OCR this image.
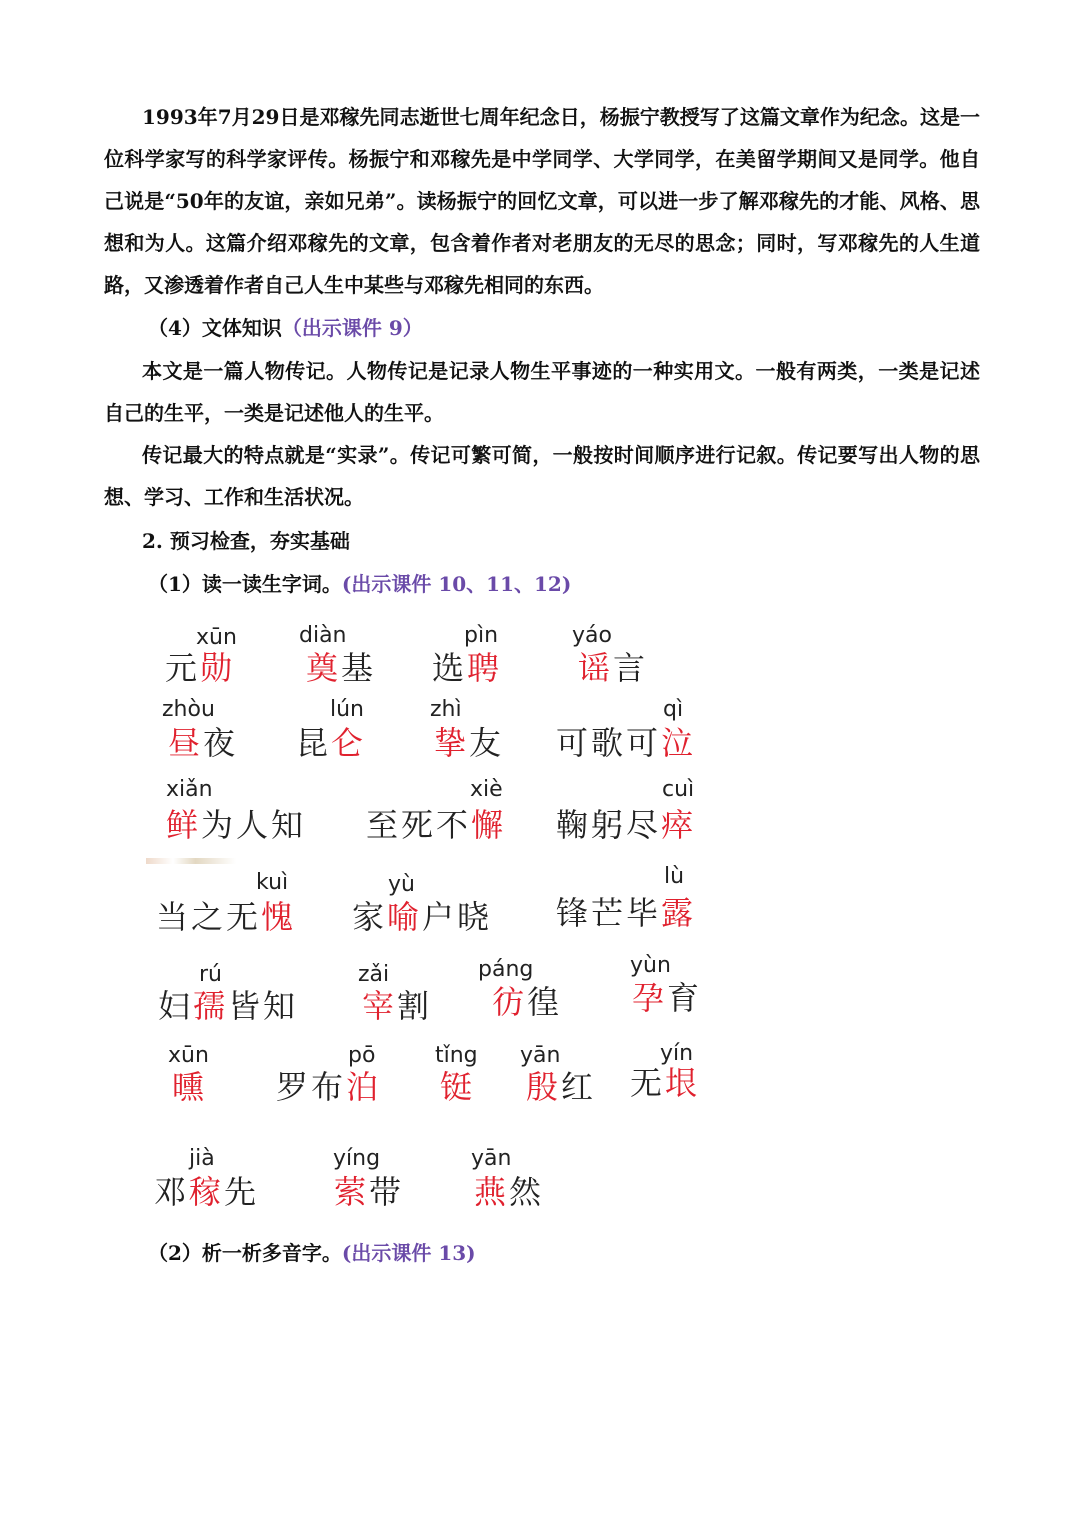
1993年7月29日是邓稼先同志逝世七周年纪念日，杨振宁教授写了这篇文章作为纪念。这是一位科学家写的科学家评传。杨振宁和邓稼先是中学同学、大学同学，在美留学期间又是同学。他自己说是“50年的友谊，亲如兄弟”。读杨振宁的回忆文章，可以进一步了解邓稼先的才能、风格、思想和为人。这篇介绍邓稼先的文章，包含着作者对老朋友的无尽的思念；同时，写邓稼先的人生道路，又渗透着作者自己人生中某些与邓稼先相同的东西。

（4）文体知识（出示课件 9）

本文是一篇人物传记。人物传记是记录人物生平事迹的一种实用文。一般有两类，一类是记述自己的生平，一类是记述他人的生平。

传记最大的特点就是“实录”。传记可繁可简，一般按时间顺序进行记叙。传记要写出人物的思想、学习、工作和生活状况。

2. 预习检查，夯实基础
（1）读一读生字词。(出示课件 10、11、12)
xūn
元勋
diàn
奠基
pìn
选聘
yáo
谣言
zhòu
昼夜
lún
昆仑
zhì
挚友
qì
可歌可泣
xiǎn
鲜为人知
xiè
至死不懈
cuì
鞠躬尽瘁
kuì
当之无愧
yù
家喻户晓
lù
锋芒毕露
rú
妇孺皆知
zǎi
宰割
páng
彷徨
yùn
孕育
xūn
曛
pō
罗布泊
tǐng
铤
yān
殷红
yín
无垠
jià
邓稼先
yíng
萦带
yān
燕然
（2）析一析多音字。(出示课件 13)
